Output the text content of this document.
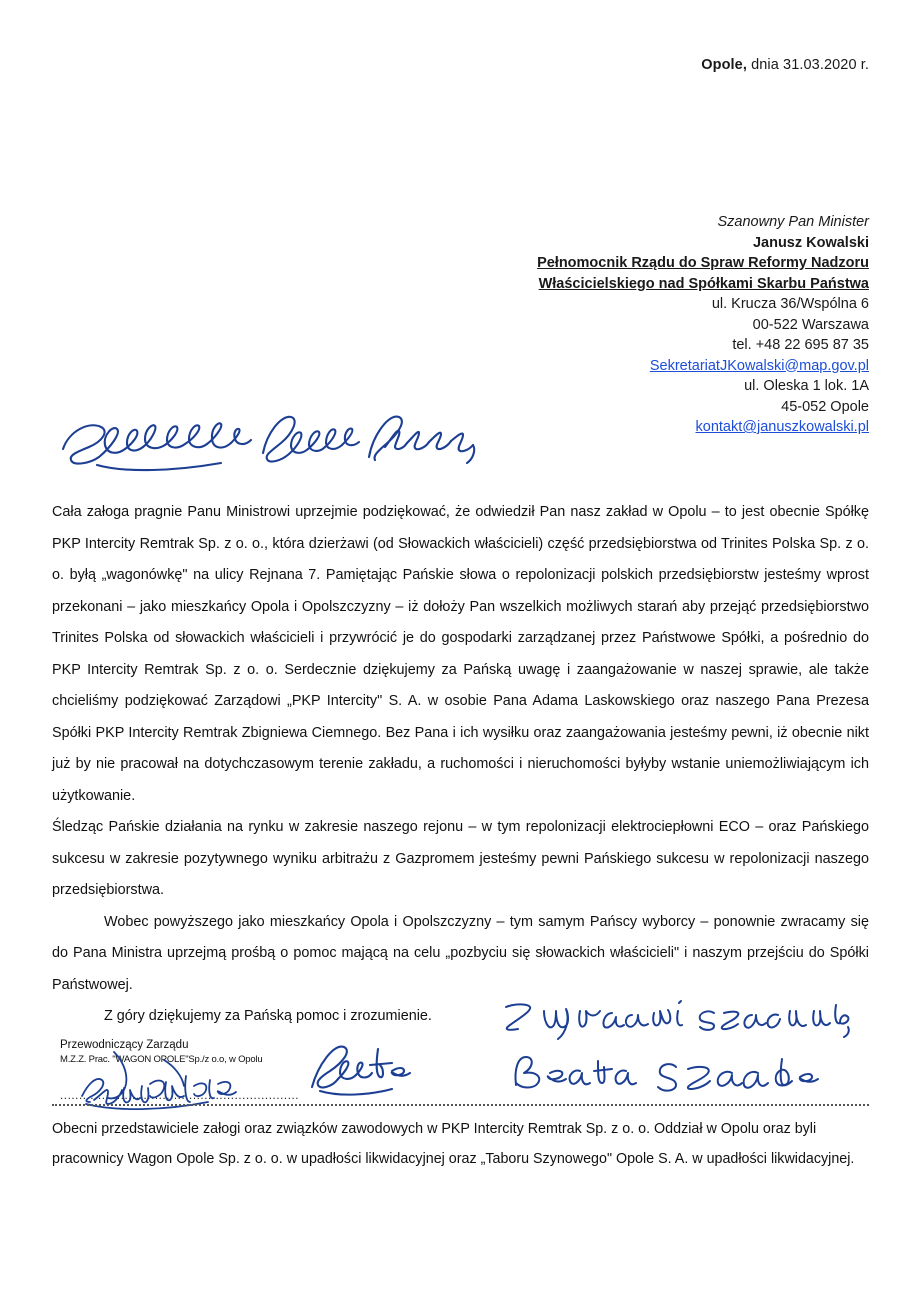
Opole, dnia 31.03.2020 r.
Szanowny Pan Minister
Janusz Kowalski
Pełnomocnik Rządu do Spraw Reformy Nadzoru
Właścicielskiego nad Spółkami Skarbu Państwa
ul. Krucza 36/Wspólna 6
00-522 Warszawa
tel. +48 22 695 87 35
SekretariatJKowalski@map.gov.pl
ul. Oleska 1 lok. 1A
45-052 Opole
kontakt@januszkowalski.pl

Cała załoga pragnie Panu Ministrowi uprzejmie podziękować, że odwiedził Pan nasz zakład w Opolu – to jest obecnie Spółkę PKP Intercity Remtrak Sp. z o. o., która dzierżawi (od Słowackich właścicieli) część przedsiębiorstwa od Trinites Polska Sp. z o. o. byłą „wagonówkę" na ulicy Rejnana 7. Pamiętając Pańskie słowa o repolonizacji polskich przedsiębiorstw jesteśmy wprost przekonani – jako mieszkańcy Opola i Opolszczyzny – iż dołoży Pan wszelkich możliwych starań aby przejąć przedsiębiorstwo Trinites Polska od słowackich właścicieli i przywrócić je do gospodarki zarządzanej przez Państwowe Spółki, a pośrednio do PKP Intercity Remtrak Sp. z o. o. Serdecznie dziękujemy za Pańską uwagę i zaangażowanie w naszej sprawie, ale także chcieliśmy podziękować Zarządowi „PKP Intercity" S. A. w osobie Pana Adama Laskowskiego oraz naszego Pana Prezesa Spółki PKP Intercity Remtrak Zbigniewa Ciemnego. Bez Pana i ich wysiłku oraz zaangażowania jesteśmy pewni, iż obecnie nikt już by nie pracował na dotychczasowym terenie zakładu, a ruchomości i nieruchomości byłyby wstanie uniemożliwiającym ich użytkowanie.

Śledząc Pańskie działania na rynku w zakresie naszego rejonu – w tym repolonizacji elektrociepłowni ECO – oraz Pańskiego sukcesu w zakresie pozytywnego wyniku arbitrażu z Gazpromem jesteśmy pewni Pańskiego sukcesu w repolonizacji naszego przedsiębiorstwa.

Wobec powyższego jako mieszkańcy Opola i Opolszczyzny – tym samym Pańscy wyborcy – ponownie zwracamy się do Pana Ministra uprzejmą prośbą o pomoc mającą na celu „pozbyciu się słowackich właścicieli" i naszym przejściu do Spółki Państwowej.

Z góry dziękujemy za Pańską pomoc i zrozumienie.

Przewodniczący Zarządu
M.Z.Z. Prac. "WAGON OPOLE"Sp./z o.o, w Opolu
...............................................................
Obecni przedstawiciele załogi oraz związków zawodowych w PKP Intercity Remtrak Sp. z o. o. Oddział w Opolu oraz byli pracownicy Wagon Opole Sp. z o. o. w upadłości likwidacyjnej oraz „Taboru Szynowego" Opole S. A. w upadłości likwidacyjnej.
